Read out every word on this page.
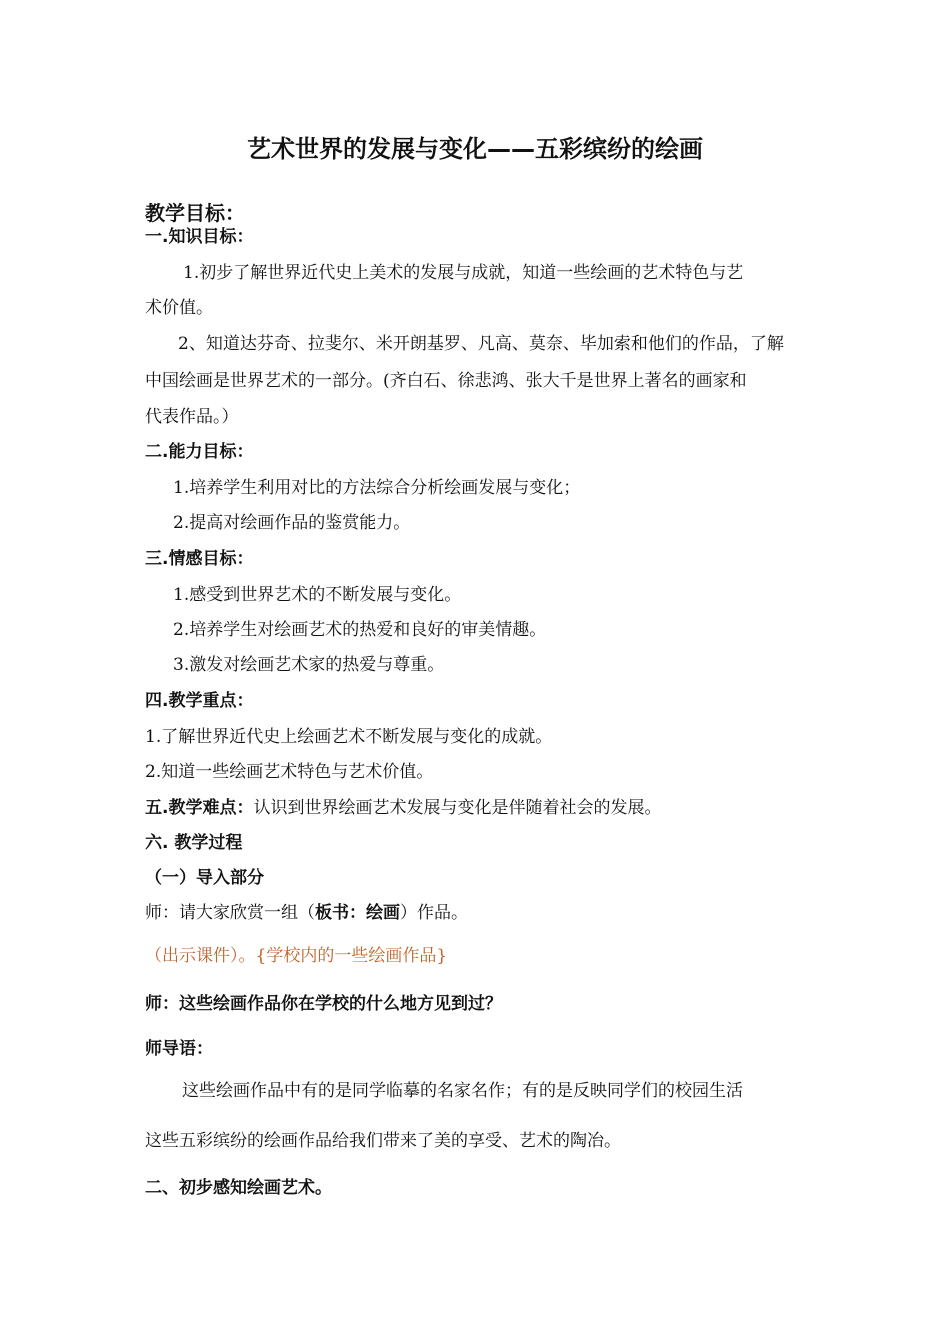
艺术世界的发展与变化——五彩缤纷的绘画
教学目标：
一.知识目标：
1.初步了解世界近代史上美术的发展与成就，知道一些绘画的艺术特色与艺
术价值。
2、知道达芬奇、拉斐尔、米开朗基罗、凡高、莫奈、毕加索和他们的作品，了解
中国绘画是世界艺术的一部分。(齐白石、徐悲鸿、张大千是世界上著名的画家和
代表作品。）
二.能力目标：
1.培养学生利用对比的方法综合分析绘画发展与变化；
2.提高对绘画作品的鉴赏能力。
三.情感目标：
1.感受到世界艺术的不断发展与变化。
2.培养学生对绘画艺术的热爱和良好的审美情趣。
3.激发对绘画艺术家的热爱与尊重。
四.教学重点：
1.了解世界近代史上绘画艺术不断发展与变化的成就。
2.知道一些绘画艺术特色与艺术价值。
五.教学难点：认识到世界绘画艺术发展与变化是伴随着社会的发展。
六. 教学过程
（一）导入部分
师：请大家欣赏一组（板书：绘画）作品。
（出示课件）。{学校内的一些绘画作品}
师：这些绘画作品你在学校的什么地方见到过？
师导语：
这些绘画作品中有的是同学临摹的名家名作；有的是反映同学们的校园生活
这些五彩缤纷的绘画作品给我们带来了美的享受、艺术的陶冶。
二、初步感知绘画艺术。
